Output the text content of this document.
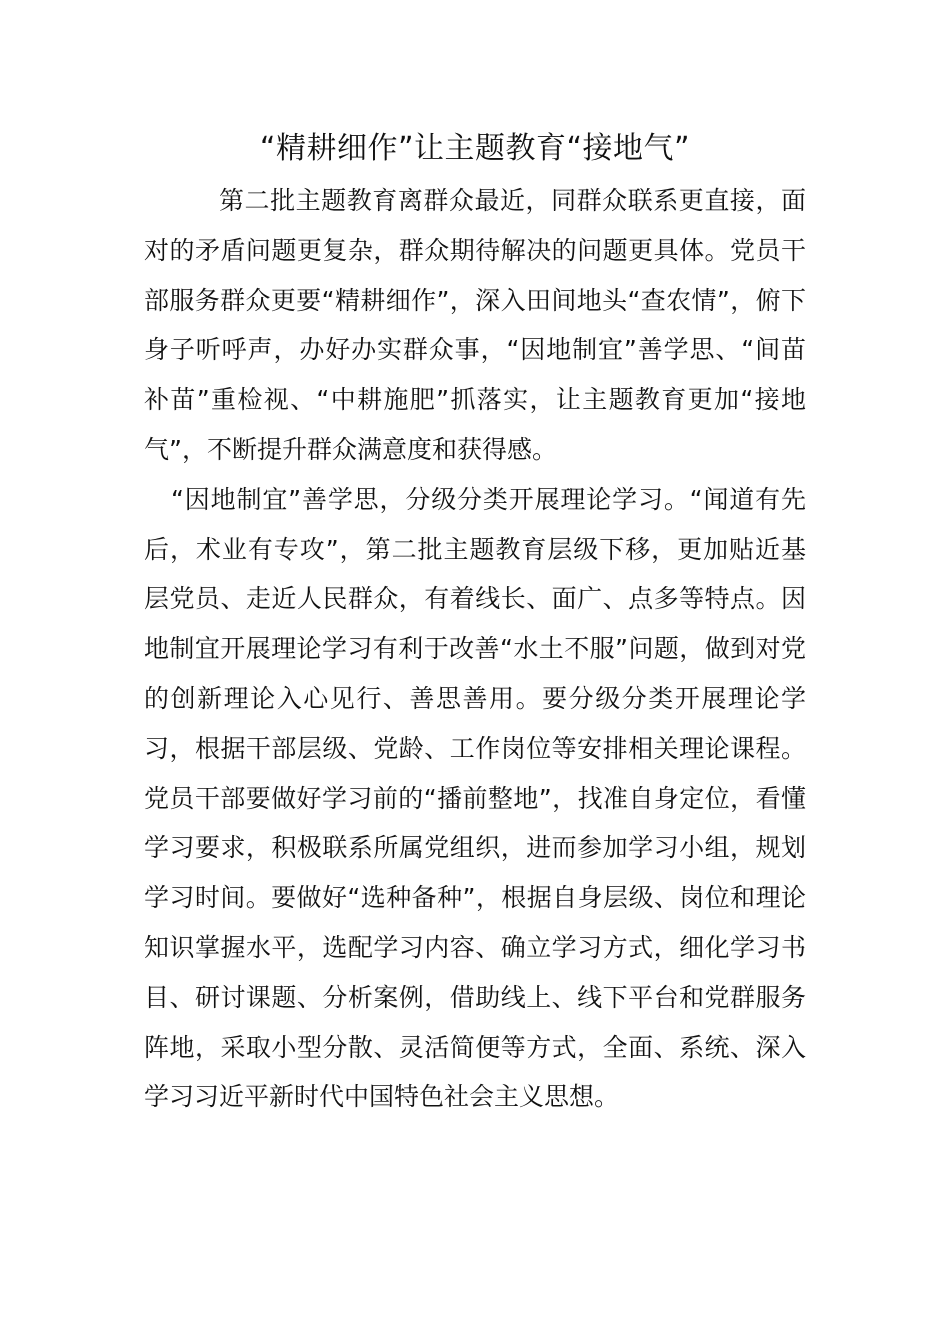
“精耕细作”让主题教育“接地气”

第二批主题教育离群众最近，同群众联系更直接，面对的矛盾问题更复杂，群众期待解决的问题更具体。党员干部服务群众更要“精耕细作”，深入田间地头“查农情”，俯下身子听呼声，办好办实群众事，“因地制宜”善学思、“间苗补苗”重检视、“中耕施肥”抓落实，让主题教育更加“接地气”，不断提升群众满意度和获得感。

“因地制宜”善学思，分级分类开展理论学习。“闻道有先后，术业有专攻”，第二批主题教育层级下移，更加贴近基层党员、走近人民群众，有着线长、面广、点多等特点。因地制宜开展理论学习有利于改善“水土不服”问题，做到对党的创新理论入心见行、善思善用。要分级分类开展理论学习，根据干部层级、党龄、工作岗位等安排相关理论课程。党员干部要做好学习前的“播前整地”，找准自身定位，看懂学习要求，积极联系所属党组织，进而参加学习小组，规划学习时间。要做好“选种备种”，根据自身层级、岗位和理论知识掌握水平，选配学习内容、确立学习方式，细化学习书目、研讨课题、分析案例，借助线上、线下平台和党群服务阵地，采取小型分散、灵活简便等方式，全面、系统、深入学习习近平新时代中国特色社会主义思想。
